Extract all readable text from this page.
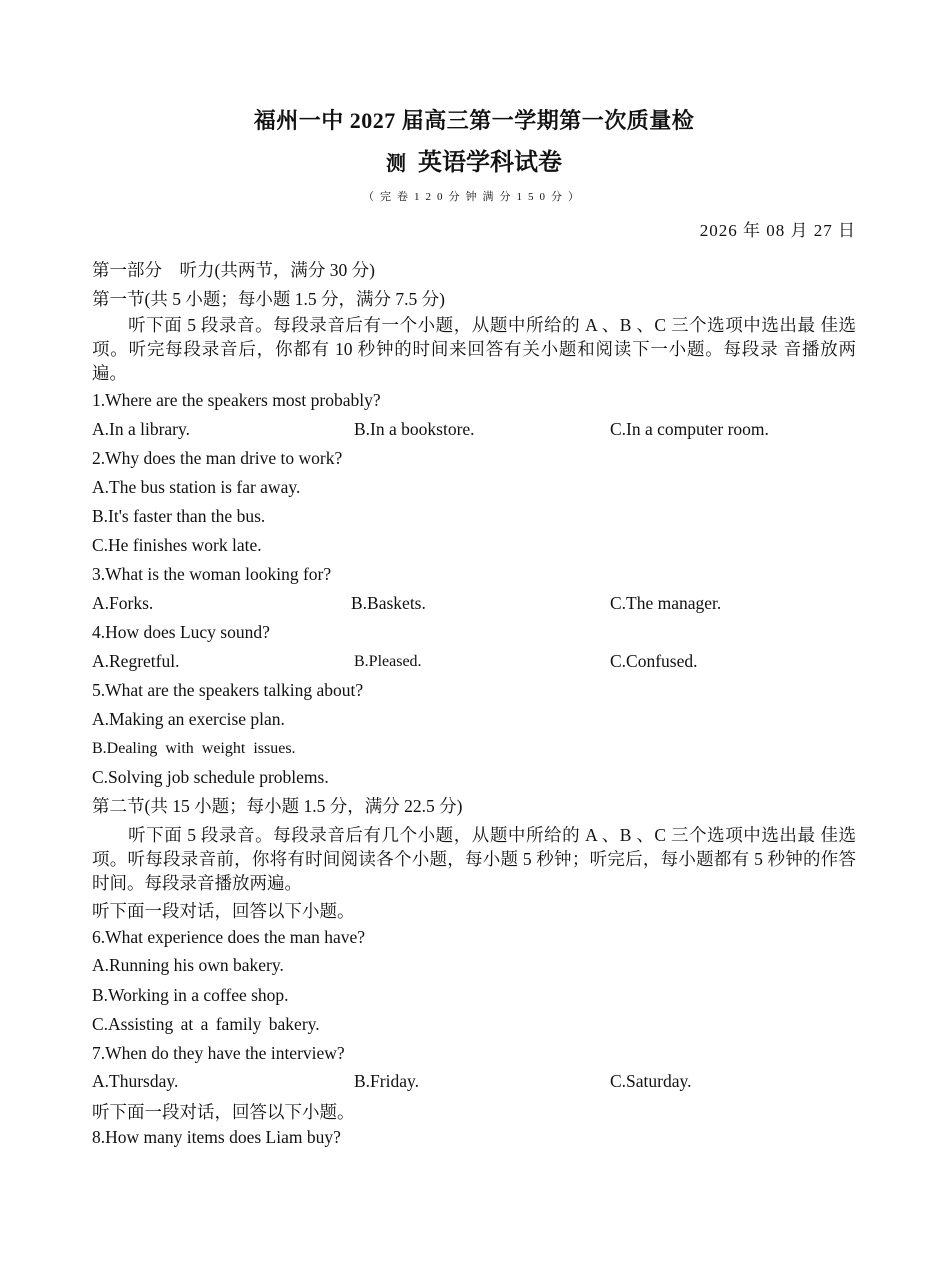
福州一中 2027 届高三第一学期第一次质量检
测 英语学科试卷
（完卷120分钟满分150分）
2026 年 08 月 27 日
第一部分　听力(共两节，满分 30 分)
第一节(共 5 小题；每小题 1.5 分，满分 7.5 分)
　　听下面 5 段录音。每段录音后有一个小题，从题中所给的 A 、B 、C 三个选项中选出最 佳选项。听完每段录音后，你都有 10 秒钟的时间来回答有关小题和阅读下一小题。每段录 音播放两遍。
1.Where are the speakers most probably?
A.In a library.	B.In a bookstore.	C.In a computer room.
2.Why does the man drive to work?
A.The bus station is far away.
B.It's faster than the bus.
C.He finishes work late.
3.What is the woman looking for?
A.Forks.	B.Baskets.	C.The manager.
4.How does Lucy sound?
A.Regretful.	B.Pleased.	C.Confused.
5.What are the speakers talking about?
A.Making an exercise plan.
B.Dealing with weight issues.
C.Solving job schedule problems.
第二节(共 15 小题；每小题 1.5 分，满分 22.5 分)
　　听下面 5 段录音。每段录音后有几个小题，从题中所给的 A 、B 、C 三个选项中选出最 佳选项。听每段录音前，你将有时间阅读各个小题，每小题 5 秒钟；听完后，每小题都有 5 秒钟的作答时间。每段录音播放两遍。
听下面一段对话，回答以下小题。
6.What experience does the man have?
A.Running his own bakery.
B.Working in a coffee shop.
C.Assisting at a family bakery.
7.When do they have the interview?
A.Thursday.	B.Friday.	C.Saturday.
听下面一段对话，回答以下小题。
8.How many items does Liam buy?
